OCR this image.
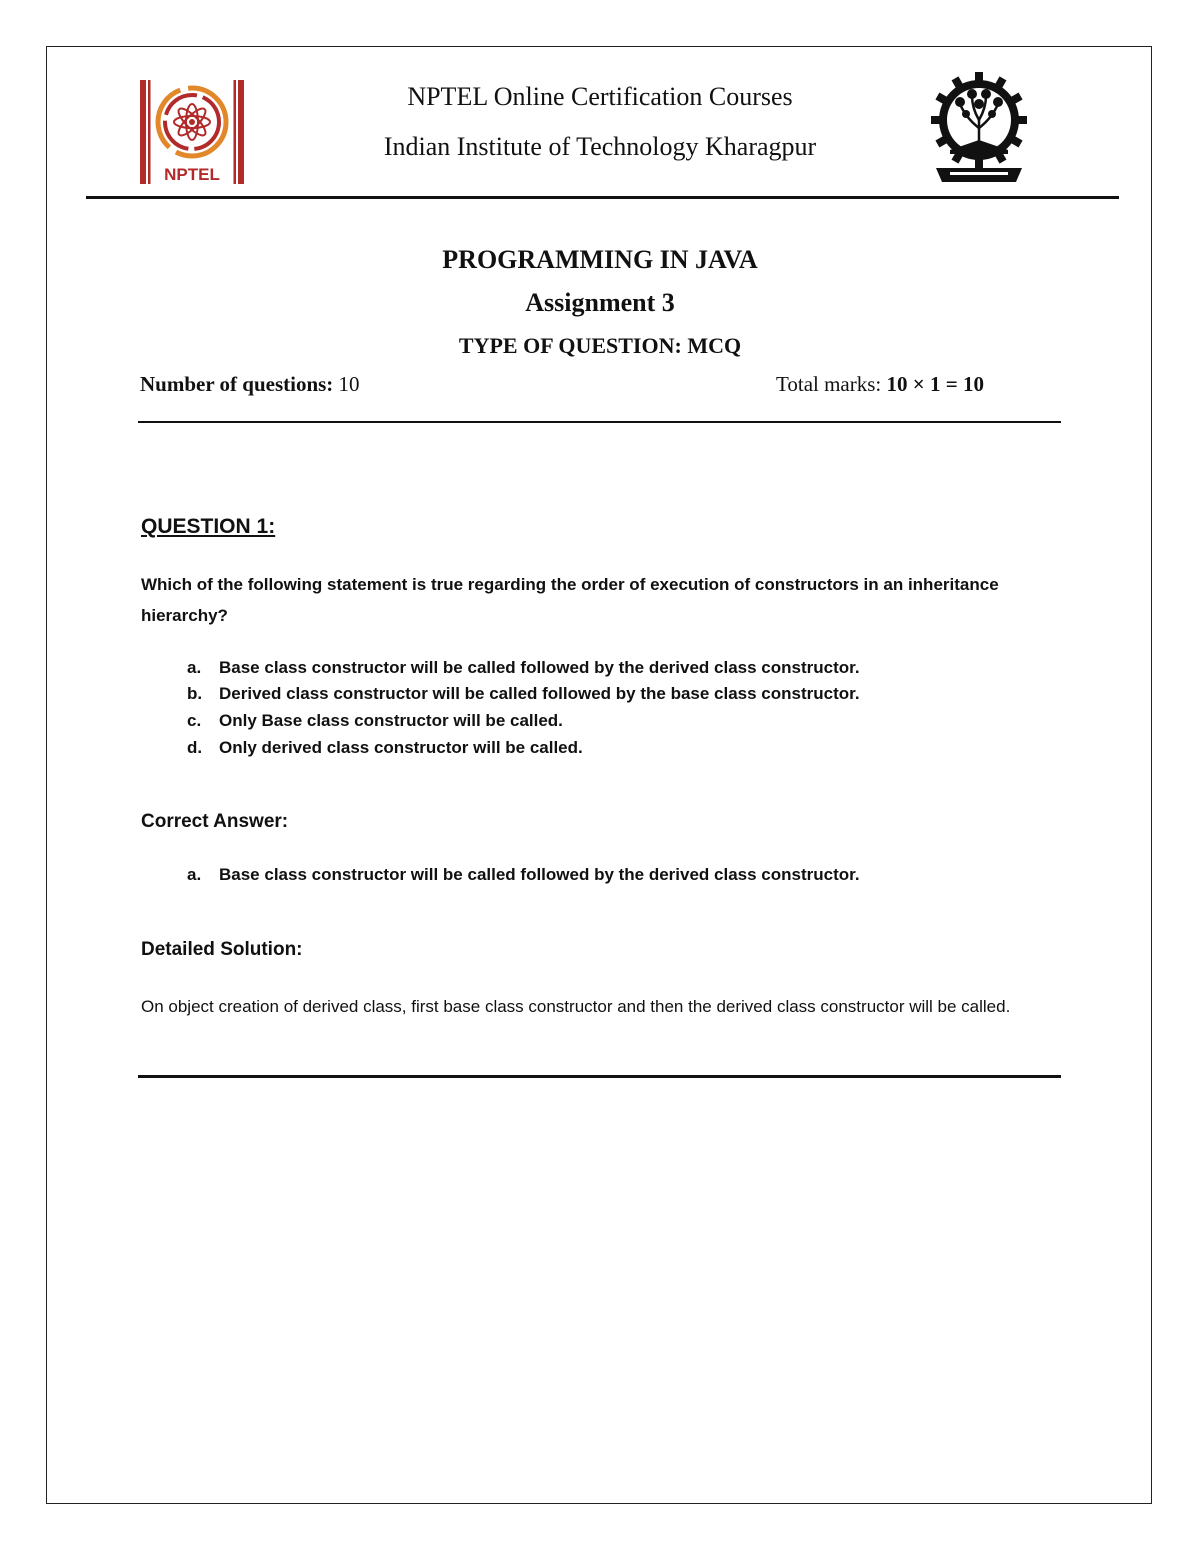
NPTEL
NPTEL Online Certification Courses
Indian Institute of Technology Kharagpur
PROGRAMMING IN JAVA
Assignment 3
TYPE OF QUESTION: MCQ
Number of questions: 10	Total marks: 10 × 1 = 10
QUESTION 1:
Which of the following statement is true regarding the order of execution of constructors in an inheritance hierarchy?
a. Base class constructor will be called followed by the derived class constructor.
b. Derived class constructor will be called followed by the base class constructor.
c. Only Base class constructor will be called.
d. Only derived class constructor will be called.
Correct Answer:
a. Base class constructor will be called followed by the derived class constructor.
Detailed Solution:
On object creation of derived class, first base class constructor and then the derived class constructor will be called.
